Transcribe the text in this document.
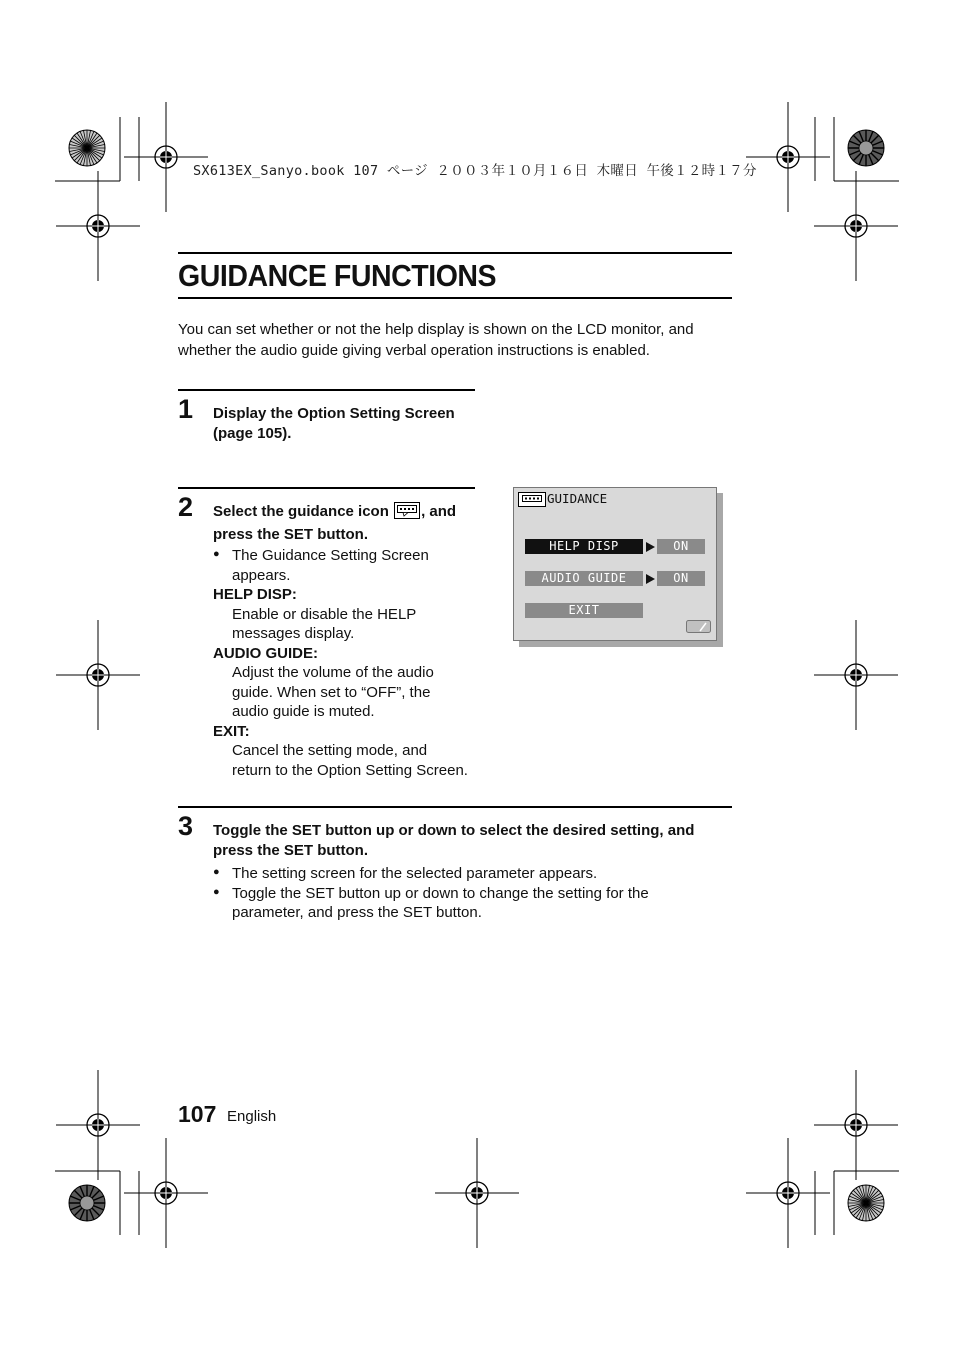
SX613EX_Sanyo.book 107 ページ ２００３年１０月１６日 木曜日 午後１２時１７分
GUIDANCE FUNCTIONS
You can set whether or not the help display is shown on the LCD monitor, and
whether the audio guide giving verbal operation instructions is enabled.
1 Display the Option Setting Screen
(page 105).
2 Select the guidance icon , and
press the SET button.
● The Guidance Setting Screen
appears.
HELP DISP:
Enable or disable the HELP
messages display.
AUDIO GUIDE:
Adjust the volume of the audio
guide. When set to “OFF”, the
audio guide is muted.
EXIT:
Cancel the setting mode, and
return to the Option Setting Screen.
GUIDANCE
HELP DISP	ON
AUDIO GUIDE	ON
EXIT
3 Toggle the SET button up or down to select the desired setting, and
press the SET button.
● The setting screen for the selected parameter appears.
● Toggle the SET button up or down to change the setting for the
parameter, and press the SET button.
107 English
